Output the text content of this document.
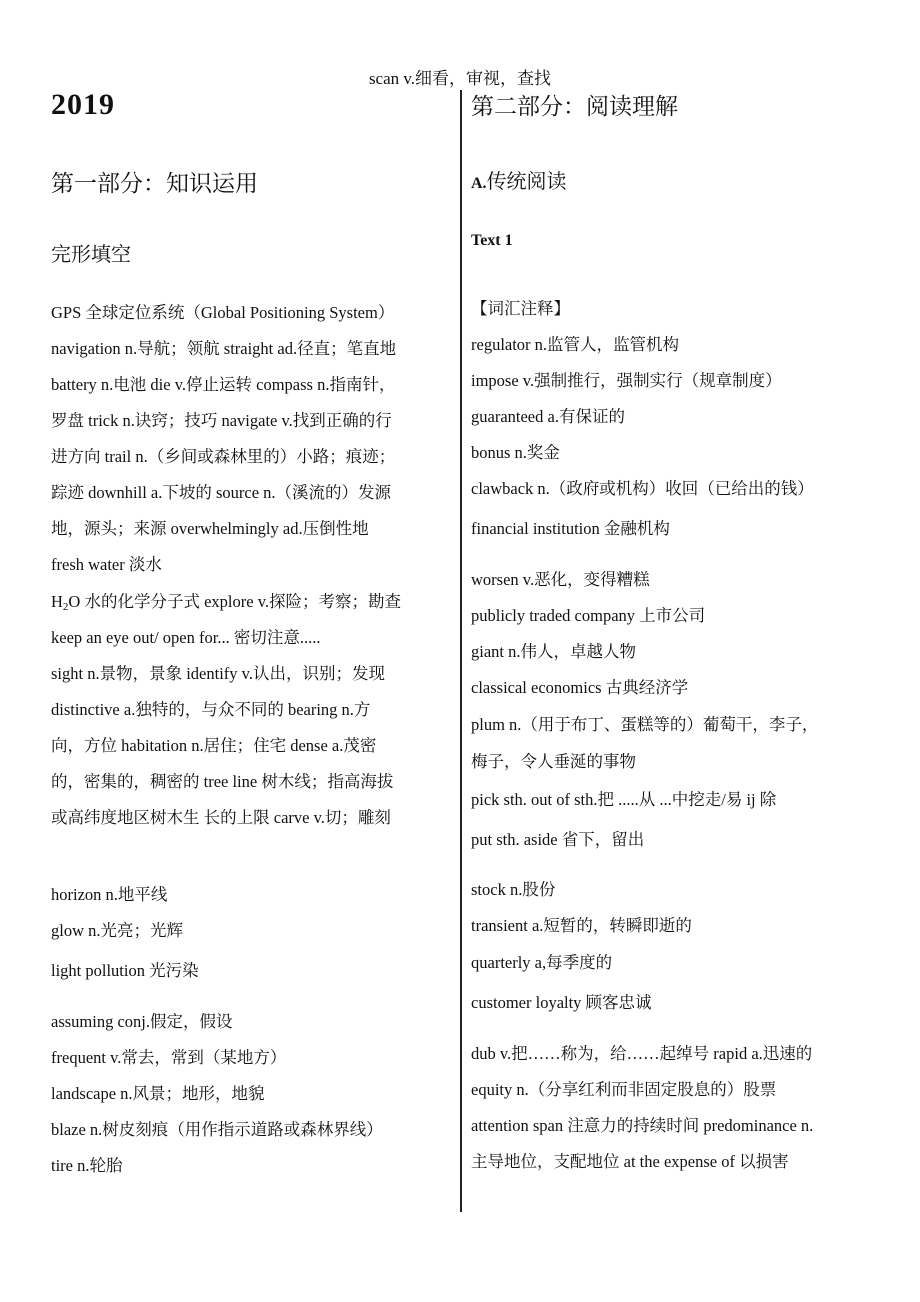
scan v.细看，审视，查找
2019
第一部分：知识运用
完形填空
GPS 全球定位系统（Global Positioning System）
navigation n.导航；领航 straight ad.径直；笔直地
battery n.电池 die v.停止运转 compass n.指南针，
罗盘 trick n.诀窍；技巧 navigate v.找到正确的行
进方向 trail n.（乡间或森林里的）小路；痕迹；
踪迹 downhill a.下坡的 source n.（溪流的）发源
地，源头；来源 overwhelmingly ad.压倒性地
fresh water 淡水
$H_2O$ 水的化学分子式 explore v.探险；考察；勘查
keep an eye out/ open for... 密切注意.....
sight n.景物，景象 identify v.认出，识别；发现
distinctive a.独特的，与众不同的 bearing n.方
向，方位 habitation n.居住；住宅 dense a.茂密
的，密集的，稠密的 tree line 树木线；指高海拔
或高纬度地区树木生 长的上限 carve v.切；雕刻
horizon n.地平线
glow n.光亮；光辉
light pollution 光污染
assuming conj.假定，假设
frequent v.常去，常到（某地方）
landscape n.风景；地形，地貌
blaze n.树皮刻痕（用作指示道路或森林界线）
tire n.轮胎
第二部分：阅读理解
A.传统阅读
Text 1
【词汇注释】
regulator n.监管人，监管机构
impose v.强制推行，强制实行（规章制度）
guaranteed a.有保证的
bonus n.奖金
clawback n.（政府或机构）收回（已给出的钱）
financial institution 金融机构
worsen v.恶化，变得糟糕
publicly traded company 上市公司
giant n.伟人，卓越人物
classical economics 古典经济学
plum n.（用于布丁、蛋糕等的）葡萄干，李子，
梅子，令人垂涎的事物
pick sth. out of sth.把 .....从 ...中挖走/易 ij 除
put sth. aside 省下，留出
stock n.股份
transient a.短暂的，转瞬即逝的
quarterly a,每季度的
customer loyalty 顾客忠诚
dub v.把……称为，给……起绰号 rapid a.迅速的
equity n.（分享红利而非固定股息的）股票
attention span 注意力的持续时间 predominance n.
主导地位，支配地位 at the expense of 以损害
